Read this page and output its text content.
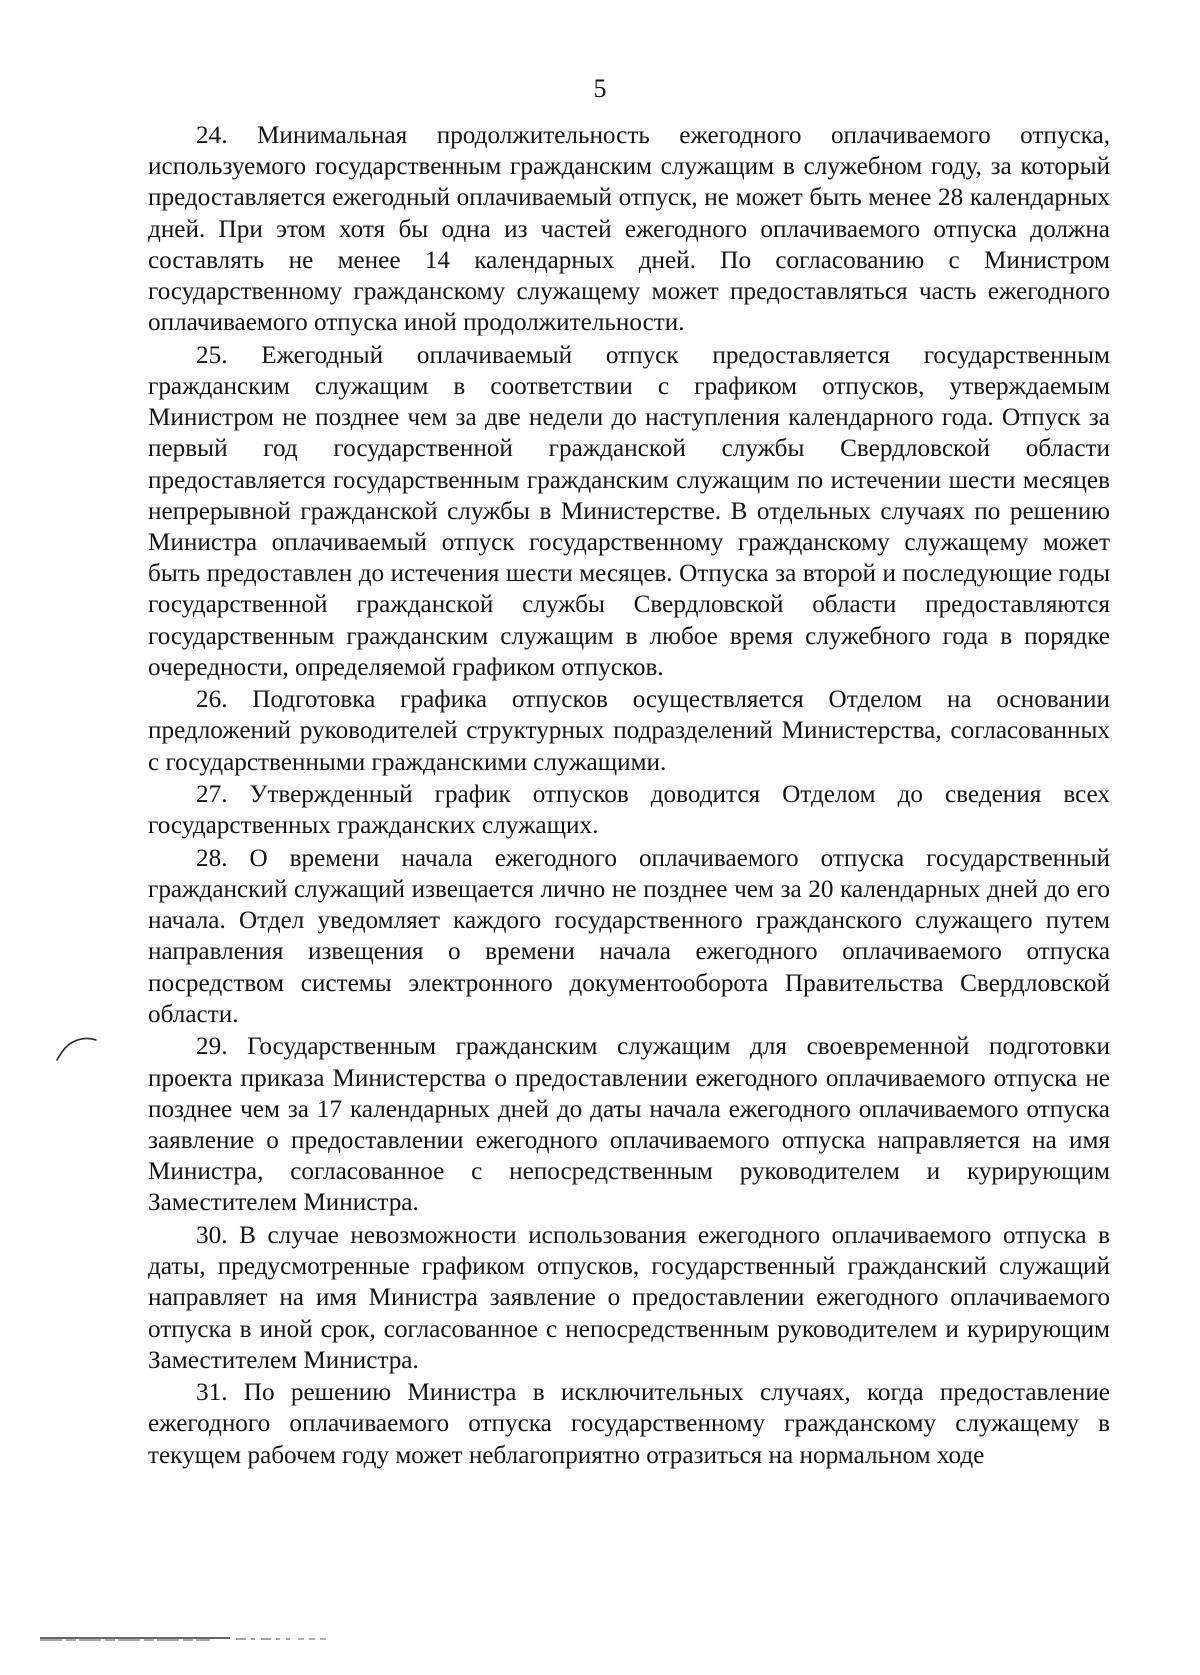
5

24. Минимальная продолжительность ежегодного оплачиваемого отпуска, используемого государственным гражданским служащим в служебном году, за который предоставляется ежегодный оплачиваемый отпуск, не может быть менее 28 календарных дней. При этом хотя бы одна из частей ежегодного оплачиваемого отпуска должна составлять не менее 14 календарных дней. По согласованию с Министром государственному гражданскому служащему может предоставляться часть ежегодного оплачиваемого отпуска иной продолжительности.

25. Ежегодный оплачиваемый отпуск предоставляется государственным гражданским служащим в соответствии с графиком отпусков, утверждаемым Министром не позднее чем за две недели до наступления календарного года. Отпуск за первый год государственной гражданской службы Свердловской области предоставляется государственным гражданским служащим по истечении шести месяцев непрерывной гражданской службы в Министерстве. В отдельных случаях по решению Министра оплачиваемый отпуск государственному гражданскому служащему может быть предоставлен до истечения шести месяцев. Отпуска за второй и последующие годы государственной гражданской службы Свердловской области предоставляются государственным гражданским служащим в любое время служебного года в порядке очередности, определяемой графиком отпусков.

26. Подготовка графика отпусков осуществляется Отделом на основании предложений руководителей структурных подразделений Министерства, согласованных с государственными гражданскими служащими.

27. Утвержденный график отпусков доводится Отделом до сведения всех государственных гражданских служащих.

28. О времени начала ежегодного оплачиваемого отпуска государственный гражданский служащий извещается лично не позднее чем за 20 календарных дней до его начала. Отдел уведомляет каждого государственного гражданского служащего путем направления извещения о времени начала ежегодного оплачиваемого отпуска посредством системы электронного документооборота Правительства Свердловской области.

29. Государственным гражданским служащим для своевременной подготовки проекта приказа Министерства о предоставлении ежегодного оплачиваемого отпуска не позднее чем за 17 календарных дней до даты начала ежегодного оплачиваемого отпуска заявление о предоставлении ежегодного оплачиваемого отпуска направляется на имя Министра, согласованное с непосредственным руководителем и курирующим Заместителем Министра.

30. В случае невозможности использования ежегодного оплачиваемого отпуска в даты, предусмотренные графиком отпусков, государственный гражданский служащий направляет на имя Министра заявление о предоставлении ежегодного оплачиваемого отпуска в иной срок, согласованное с непосредственным руководителем и курирующим Заместителем Министра.

31. По решению Министра в исключительных случаях, когда предоставление ежегодного оплачиваемого отпуска государственному гражданскому служащему в текущем рабочем году может неблагоприятно отразиться на нормальном ходе
